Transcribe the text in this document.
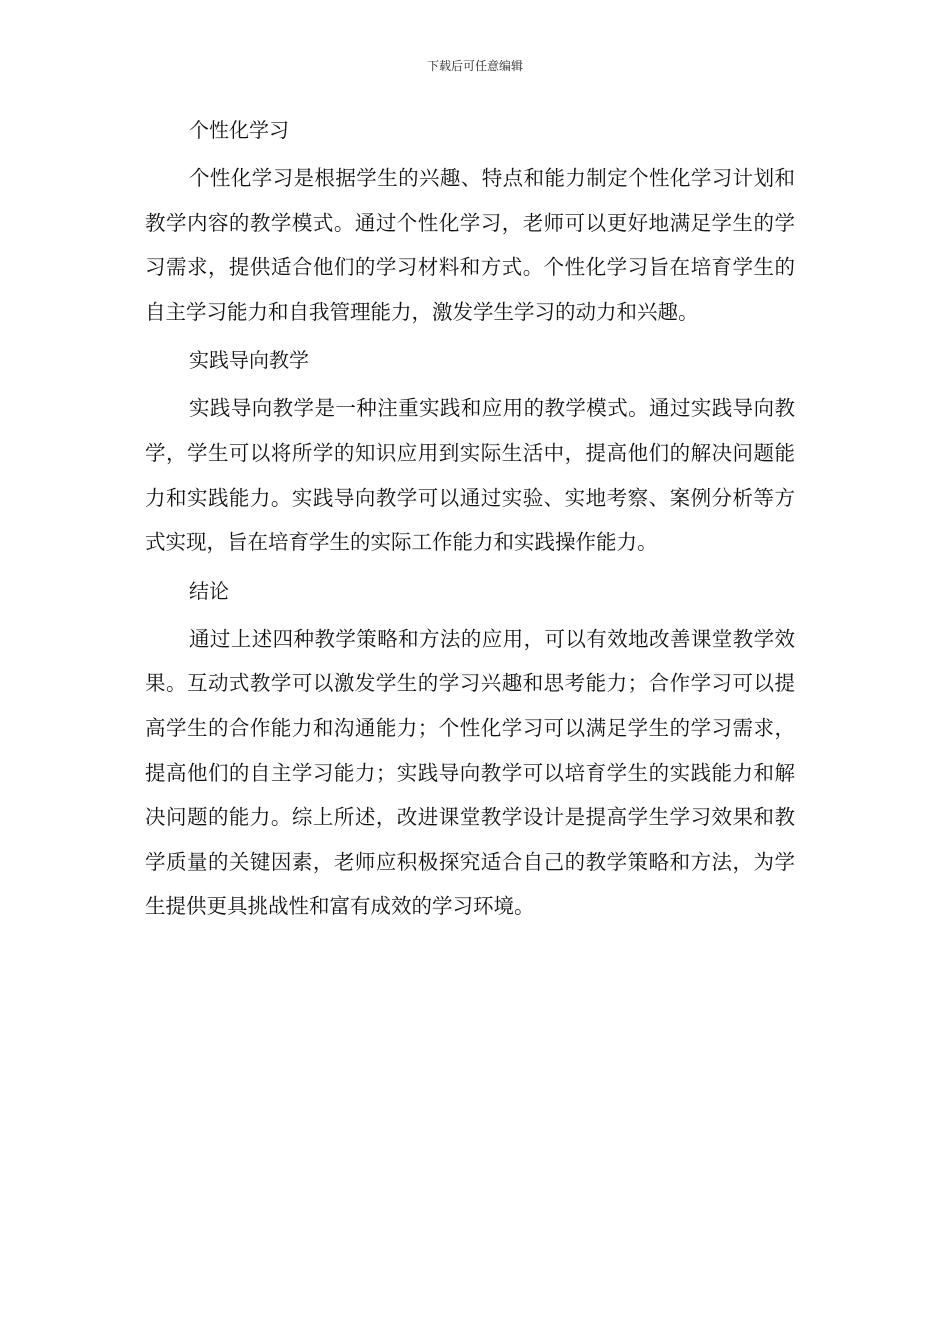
下载后可任意编辑
个性化学习

个性化学习是根据学生的兴趣、特点和能力制定个性化学习计划和教学内容的教学模式。通过个性化学习，老师可以更好地满足学生的学习需求，提供适合他们的学习材料和方式。个性化学习旨在培育学生的自主学习能力和自我管理能力，激发学生学习的动力和兴趣。

实践导向教学

实践导向教学是一种注重实践和应用的教学模式。通过实践导向教学，学生可以将所学的知识应用到实际生活中，提高他们的解决问题能力和实践能力。实践导向教学可以通过实验、实地考察、案例分析等方式实现，旨在培育学生的实际工作能力和实践操作能力。

结论

通过上述四种教学策略和方法的应用，可以有效地改善课堂教学效果。互动式教学可以激发学生的学习兴趣和思考能力；合作学习可以提高学生的合作能力和沟通能力；个性化学习可以满足学生的学习需求，提高他们的自主学习能力；实践导向教学可以培育学生的实践能力和解决问题的能力。综上所述，改进课堂教学设计是提高学生学习效果和教学质量的关键因素，老师应积极探究适合自己的教学策略和方法，为学生提供更具挑战性和富有成效的学习环境。
